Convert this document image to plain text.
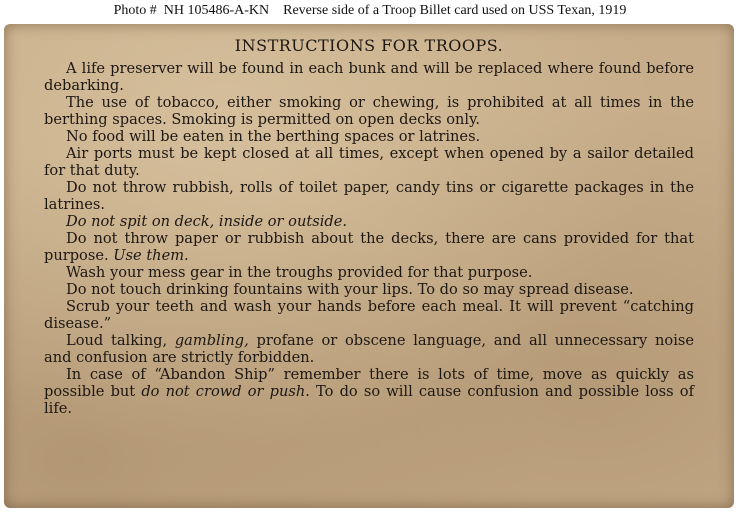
Photo #  NH 105486-A-KN    Reverse side of a Troop Billet card used on USS Texan, 1919
INSTRUCTIONS FOR TROOPS.

A life preserver will be found in each bunk and will be replaced where found before debarking.

The use of tobacco, either smoking or chewing, is prohibited at all times in the berthing spaces. Smoking is permitted on open decks only.

No food will be eaten in the berthing spaces or latrines.

Air ports must be kept closed at all times, except when opened by a sailor detailed for that duty.

Do not throw rubbish, rolls of toilet paper, candy tins or cigarette packages in the latrines.

Do not spit on deck, inside or outside.

Do not throw paper or rubbish about the decks, there are cans provided for that purpose. Use them.

Wash your mess gear in the troughs provided for that purpose.

Do not touch drinking fountains with your lips. To do so may spread disease.

Scrub your teeth and wash your hands before each meal. It will prevent “catching disease.”

Loud talking, gambling, profane or obscene language, and all unnecessary noise and confusion are strictly forbidden.

In case of “Abandon Ship” remember there is lots of time, move as quickly as possible but do not crowd or push. To do so will cause confusion and possible loss of life.
